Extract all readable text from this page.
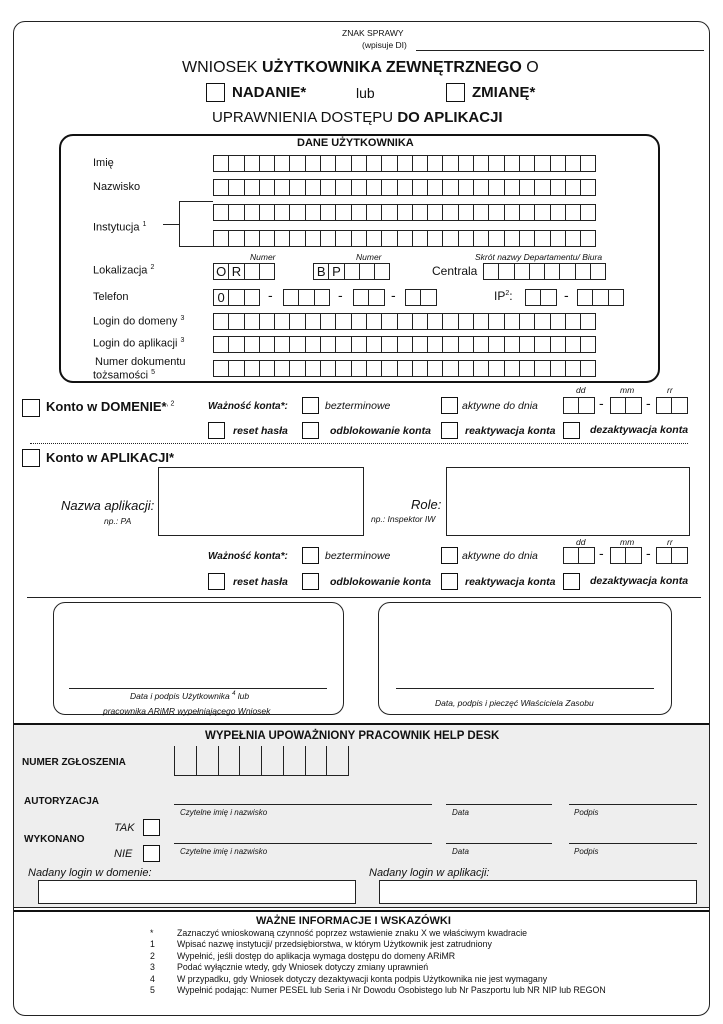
ZNAK SPRAWY
(wpisuje DI)
WNIOSEK UŻYTKOWNIKA ZEWNĘTRZNEGO O
NADANIE*	lub	ZMIANĘ*
UPRAWNIENIA DOSTĘPU DO APLIKACJI
DANE UŻYTKOWNIKA
Imię
Nazwisko
Instytucja $^1$
Numer	Numer	Skrót nazwy Departamentu/ Biura
Lokalizacja $^2$	O R	B P	Centrala
Telefon	0	-	-	-	$IP^2$:	-
Login do domeny $^3$
Login do aplikacji $^3$
Numer dokumentu
tożsamości $^5$
Konto w DOMENIE*$^{, 2}$	Ważność konta*:	bezterminowe	aktywne do dnia
dd	mm	rr
-	-
reset hasła	odblokowanie konta	reaktywacja konta	dezaktywacja konta
Konto w APLIKACJI*
Nazwa aplikacji:
np.: PA
Role:
np.: Inspektor IW
Ważność konta*:	bezterminowe	aktywne do dnia
dd	mm	rr
-	-
reset hasła	odblokowanie konta	reaktywacja konta	dezaktywacja konta
Data i podpis Użytkownika $^4$ lub
pracownika ARiMR wypełniającego Wniosek
Data, podpis i pieczęć Właściciela Zasobu
WYPEŁNIA UPOWAŻNIONY PRACOWNIK HELP DESK
NUMER ZGŁOSZENIA
AUTORYZACJA
Czytelne imię i nazwisko	Data	Podpis
TAK
WYKONANO
NIE	Czytelne imię i nazwisko	Data	Podpis
Nadany login w domenie:	Nadany login w aplikacji:
WAŻNE INFORMACJE I WSKAZÓWKI
*	Zaznaczyć wnioskowaną czynność poprzez wstawienie znaku X we właściwym kwadracie
1	Wpisać nazwę instytucji/ przedsiębiorstwa, w którym Użytkownik jest zatrudniony
2	Wypełnić, jeśli dostęp do aplikacja wymaga dostępu do domeny ARiMR
3	Podać wyłącznie wtedy, gdy Wniosek dotyczy zmiany uprawnień
4	W przypadku, gdy Wniosek dotyczy dezaktywacji konta podpis Użytkownika nie jest wymagany
5	Wypełnić podając: Numer PESEL lub Seria i Nr Dowodu Osobistego lub Nr Paszportu lub NR NIP lub REGON
